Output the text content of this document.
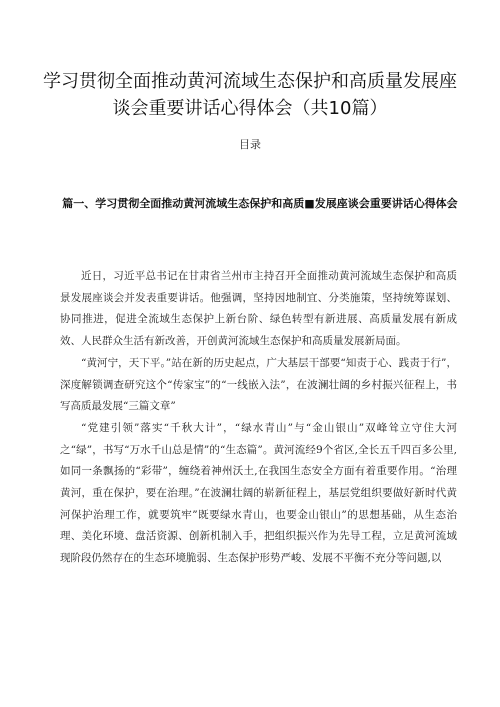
学习贯彻全面推动黄河流域生态保护和高质量发展座谈会重要讲话心得体会（共10篇）
目录
篇一、学习贯彻全面推动黄河流域生态保护和高质■发展座谈会重要讲话心得体会

近日，习近平总书记在甘肃省兰州市主持召开全面推动黄河流域生态保护和高质景发展座谈会并发表重要讲话。他强调，坚持因地制宜、分类施策，坚持统筹谋划、协同推进，促进全流域生态保护上新台阶、绿色转型有新进展、高质量发展有新成效、人民群众生活有新改善，开创黄河流域生态保护和高质量发展新局面。

“黄河宁，天下平。”站在新的历史起点，广大基层干部要“知责于心、践责于行”，深度解锁调查研究这个“传家宝”的“一线嵌入法”，在波澜壮阔的乡村振兴征程上，书写高质最发展“三篇文章”

“党建引领”落实“千秋大计”，“绿水青山”与“金山银山”双峰耸立守住大河之“绿”，书写“万水千山总是情”的“生态篇”。黄河流经9个省区,全长五千四百多公里,如同一条飘扬的“彩带”，缠绕着神州沃土,在我国生态安全方面有着重要作用。“治理黄河，重在保护，要在治理。”在波澜壮阔的崭新征程上，基层党组织要做好新时代黄河保护治理工作，就要筑牢”既要绿水青山，也要金山银山”的思想基础，从生态治理、美化环境、盘活资源、创新机制入手，把组织振兴作为先导工程，立足黄河流域现阶段仍然存在的生态环境脆弱、生态保护形势严峻、发展不平衡不充分等问题,以
